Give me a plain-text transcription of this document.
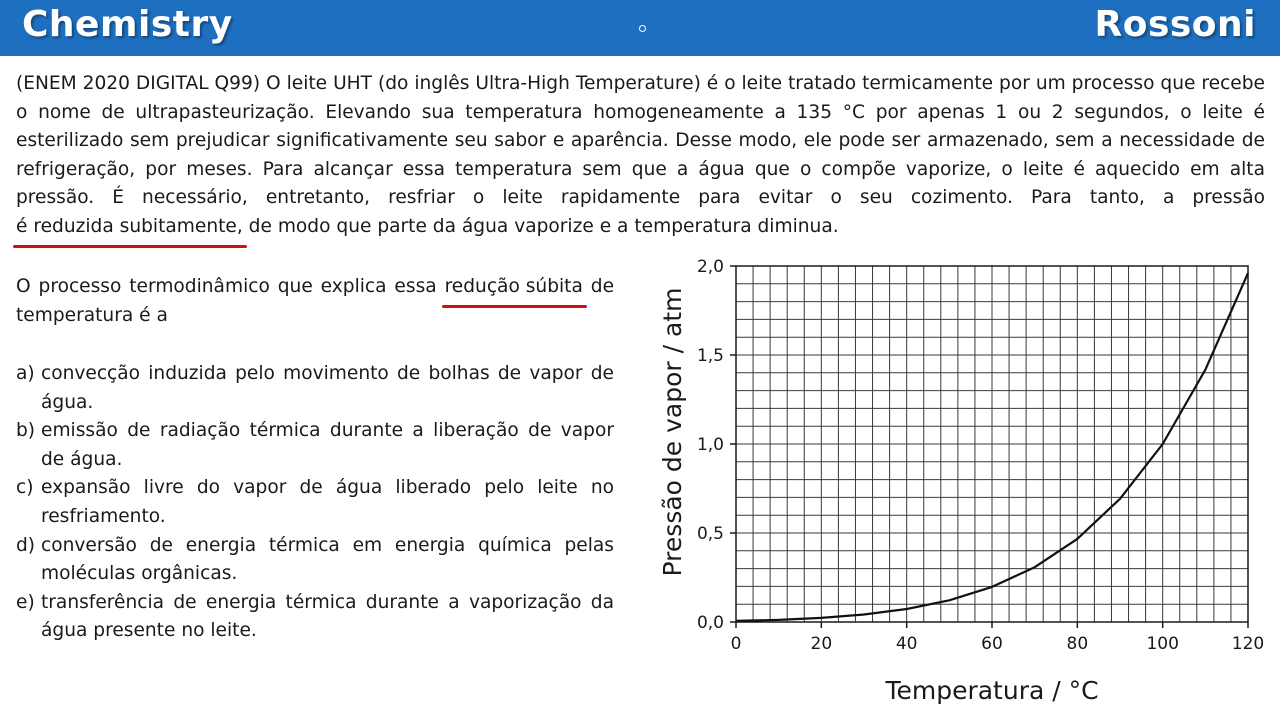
Chemistry	Rossoni
(ENEM 2020 DIGITAL Q99) O leite UHT (do inglês Ultra-High Temperature) é o leite tratado termicamente por um processo que recebe o nome de ultrapasteurização. Elevando sua temperatura homogeneamente a 135 °C por apenas 1 ou 2 segundos, o leite é esterilizado sem prejudicar significativamente seu sabor e aparência. Desse modo, ele pode ser armazenado, sem a necessidade de refrigeração, por meses. Para alcançar essa temperatura sem que a água que o compõe vaporize, o leite é aquecido em alta pressão. É necessário, entretanto, resfriar o leite rapidamente para evitar o seu cozimento. Para tanto, a pressão é reduzida subitamente, de modo que parte da água vaporize e a temperatura diminua.
O processo termodinâmico que explica essa redução súbita de temperatura é a
a) convecção induzida pelo movimento de bolhas de vapor de água.
b) emissão de radiação térmica durante a liberação de vapor de água.
c) expansão livre do vapor de água liberado pelo leite no resfriamento.
d) conversão de energia térmica em energia química pelas moléculas orgânicas.
e) transferência de energia térmica durante a vaporização da água presente no leite.
0	20	40	60	80	100	120
0,0
0,5
1,0
1,5
2,0
Temperatura / °C
Pressão de vapor / atm
